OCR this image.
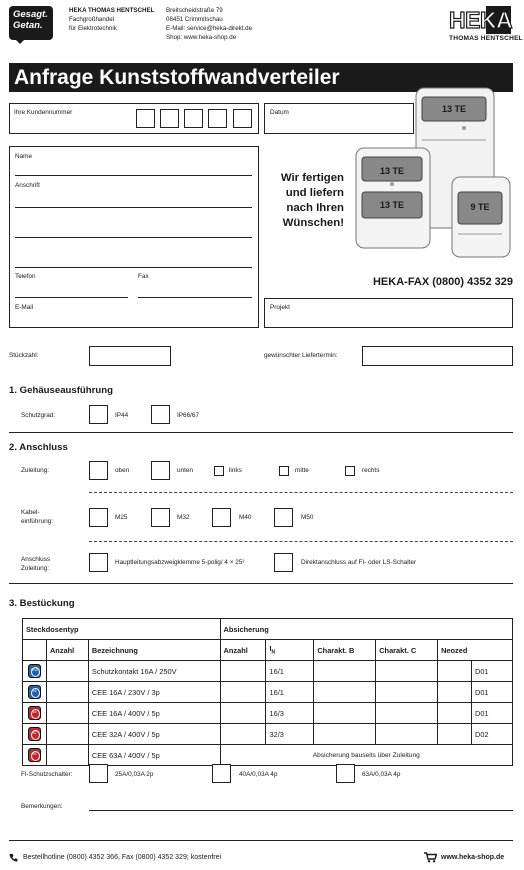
Gesagt.
Getan.
HEKA THOMAS HENTSCHEL
Fachgroßhandel
für Elektrotechnik
Breitscheidstraße 79
08451 Crimmitschau
E-Mail: service@heka-direkt.de
Shop: www.heka-shop.de
HEKA
THOMAS HENTSCHEL
Anfrage Kunststoffwandverteiler
13 TE
13 TE
13 TE	9 TE
Wir fertigen
und liefern
nach Ihren
Wünschen!
HEKA-FAX (0800) 4352 329
Ihre Kundennummer	Datum
Name
Anschrift
Telefon	Fax
E-Mail	Projekt
Stückzahl:	gewünschter Liefertermin:
1. Gehäuseausführung
Schutzgrad:	IP44	IP66/67
2. Anschluss
Zuleitung:	oben	unten	links	mitte	rechts
Kabel-
einführung:
M25	M32	M40	M50
Anschluss
Zuleitung:
Hauptleitungsabzweigklemme 5-polig/ 4 × 25²	Direktanschluss auf FI- oder LS-Schalter
3. Bestückung
Steckdosentyp			Absicherung					
	Anzahl	Bezeichnung	Anzahl	$I_N$	Charakt. B	Charakt. C	Neozed	

SSD		Schutzkontakt 16A / 250V		16/1				D01

16		CEE 16A / 230V / 3p		16/1				D01

16		CEE 16A / 400V / 5p		16/3				D01

32		CEE 32A / 400V / 5p		32/3				D02

63		CEE 63A / 400V / 5p	Absicherung bauseits über Zuleitung					
FI-Schutzschalter:	25A/0,03A 2p	40A/0,03A 4p	63A/0,03A 4p
Bemerkungen:
Bestellhotline (0800) 4352 366, Fax (0800) 4352 329; kostenfrei	www.heka-shop.de
